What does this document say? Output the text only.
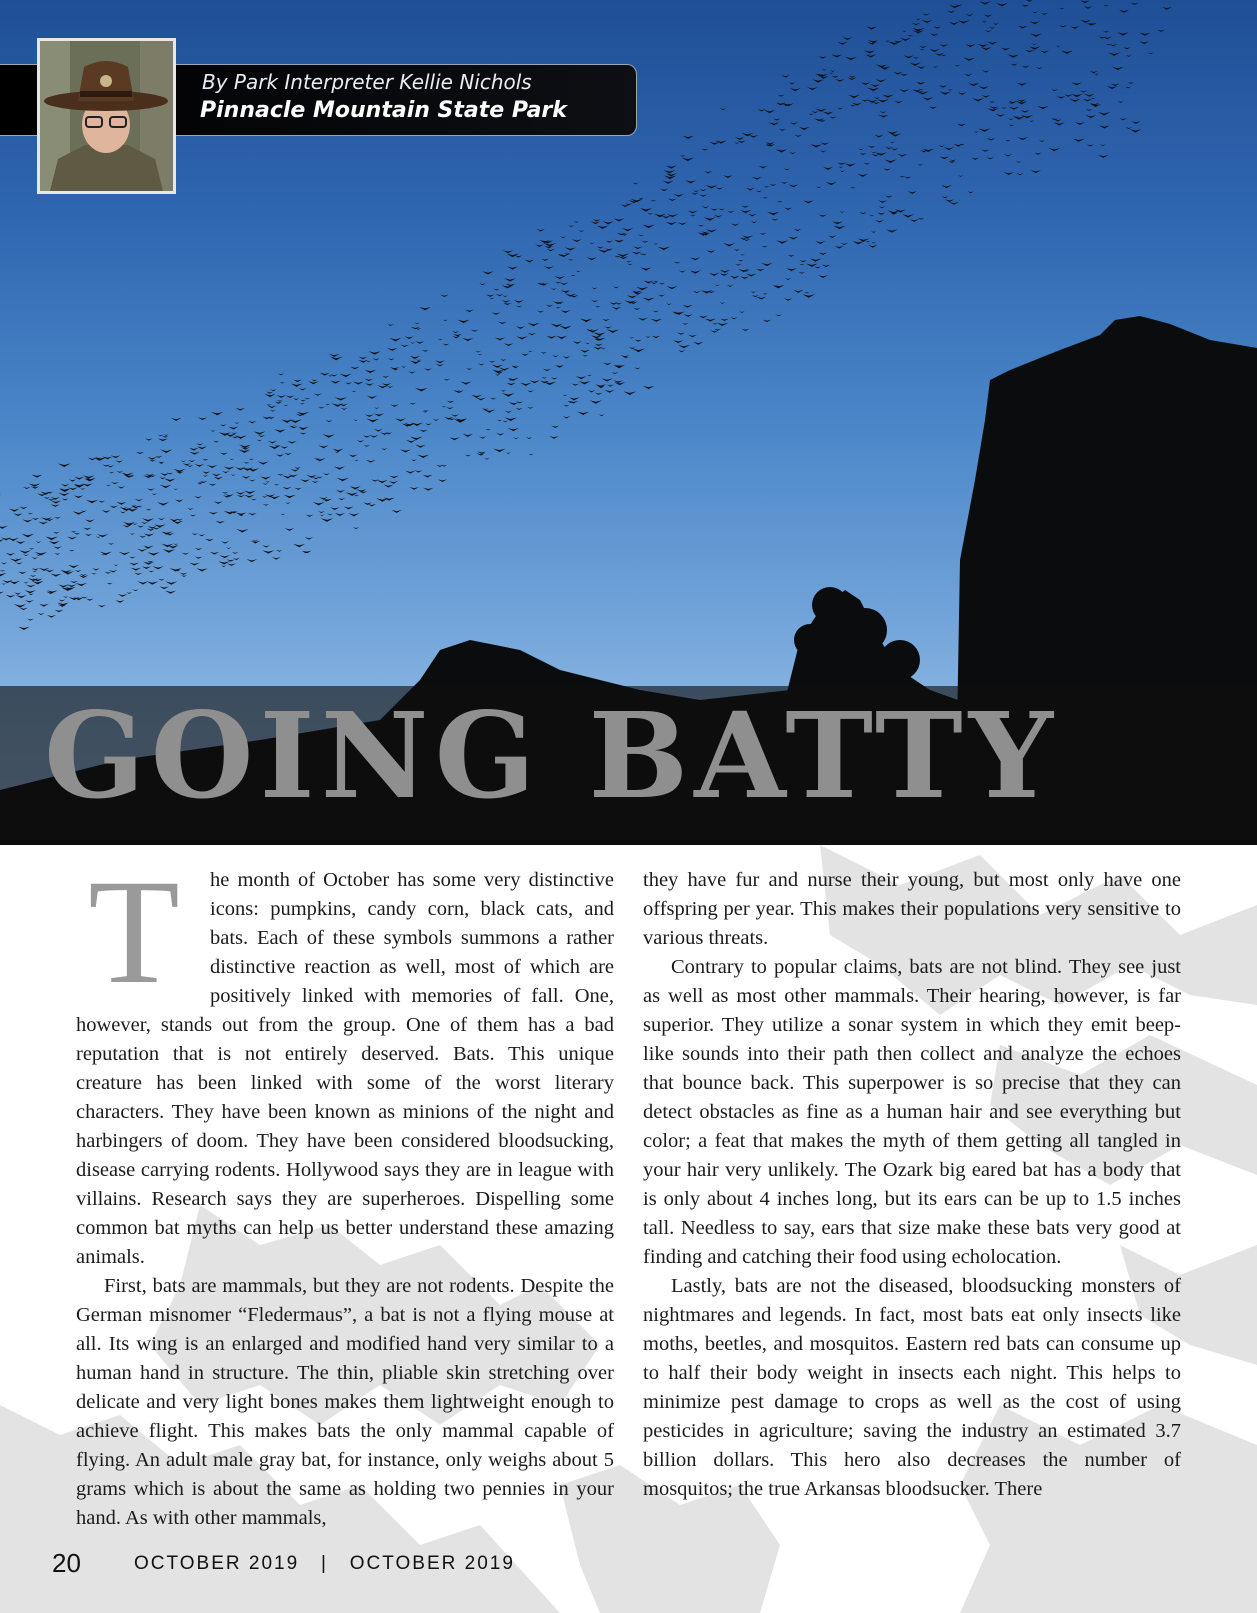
GOING BATTY
By Park Interpreter Kellie Nichols
Pinnacle Mountain State Park

T	he month of October has some very distinctive icons: pumpkins, candy corn, black cats, and bats. Each of these symbols summons a rather distinctive reaction as well, most of which are positively linked with memories of fall. One, however, stands out from the group. One of them has a bad reputation that is not entirely deserved. Bats. This unique creature has been linked with some of the worst literary characters. They have been known as minions of the night and harbingers of doom. They have been considered bloodsucking, disease carrying rodents. Hollywood says they are in league with villains. Research says they are superheroes. Dispelling some common bat myths can help us better understand these amazing animals.

First, bats are mammals, but they are not rodents. Despite the German misnomer “Fledermaus”, a bat is not a flying mouse at all. Its wing is an enlarged and modified hand very similar to a human hand in structure. The thin, pliable skin stretching over delicate and very light bones makes them lightweight enough to achieve flight. This makes bats the only mammal capable of flying. An adult male gray bat, for instance, only weighs about 5 grams which is about the same as holding two pennies in your hand. As with other mammals,

they have fur and nurse their young, but most only have one offspring per year. This makes their populations very sensitive to various threats.

Contrary to popular claims, bats are not blind. They see just as well as most other mammals. Their hearing, however, is far superior. They utilize a sonar system in which they emit beep-like sounds into their path then collect and analyze the echoes that bounce back. This superpower is so precise that they can detect obstacles as fine as a human hair and see everything but color; a feat that makes the myth of them getting all tangled in your hair very unlikely. The Ozark big eared bat has a body that is only about 4 inches long, but its ears can be up to 1.5 inches tall. Needless to say, ears that size make these bats very good at finding and catching their food using echolocation.

Lastly, bats are not the diseased, bloodsucking monsters of nightmares and legends. In fact, most bats eat only insects like moths, beetles, and mosquitos. Eastern red bats can consume up to half their body weight in insects each night. This helps to minimize pest damage to crops as well as the cost of using pesticides in agriculture; saving the industry an estimated 3.7 billion dollars. This hero also decreases the number of mosquitos; the true Arkansas bloodsucker. There

20	OCTOBER 2019   |   OCTOBER 2019
